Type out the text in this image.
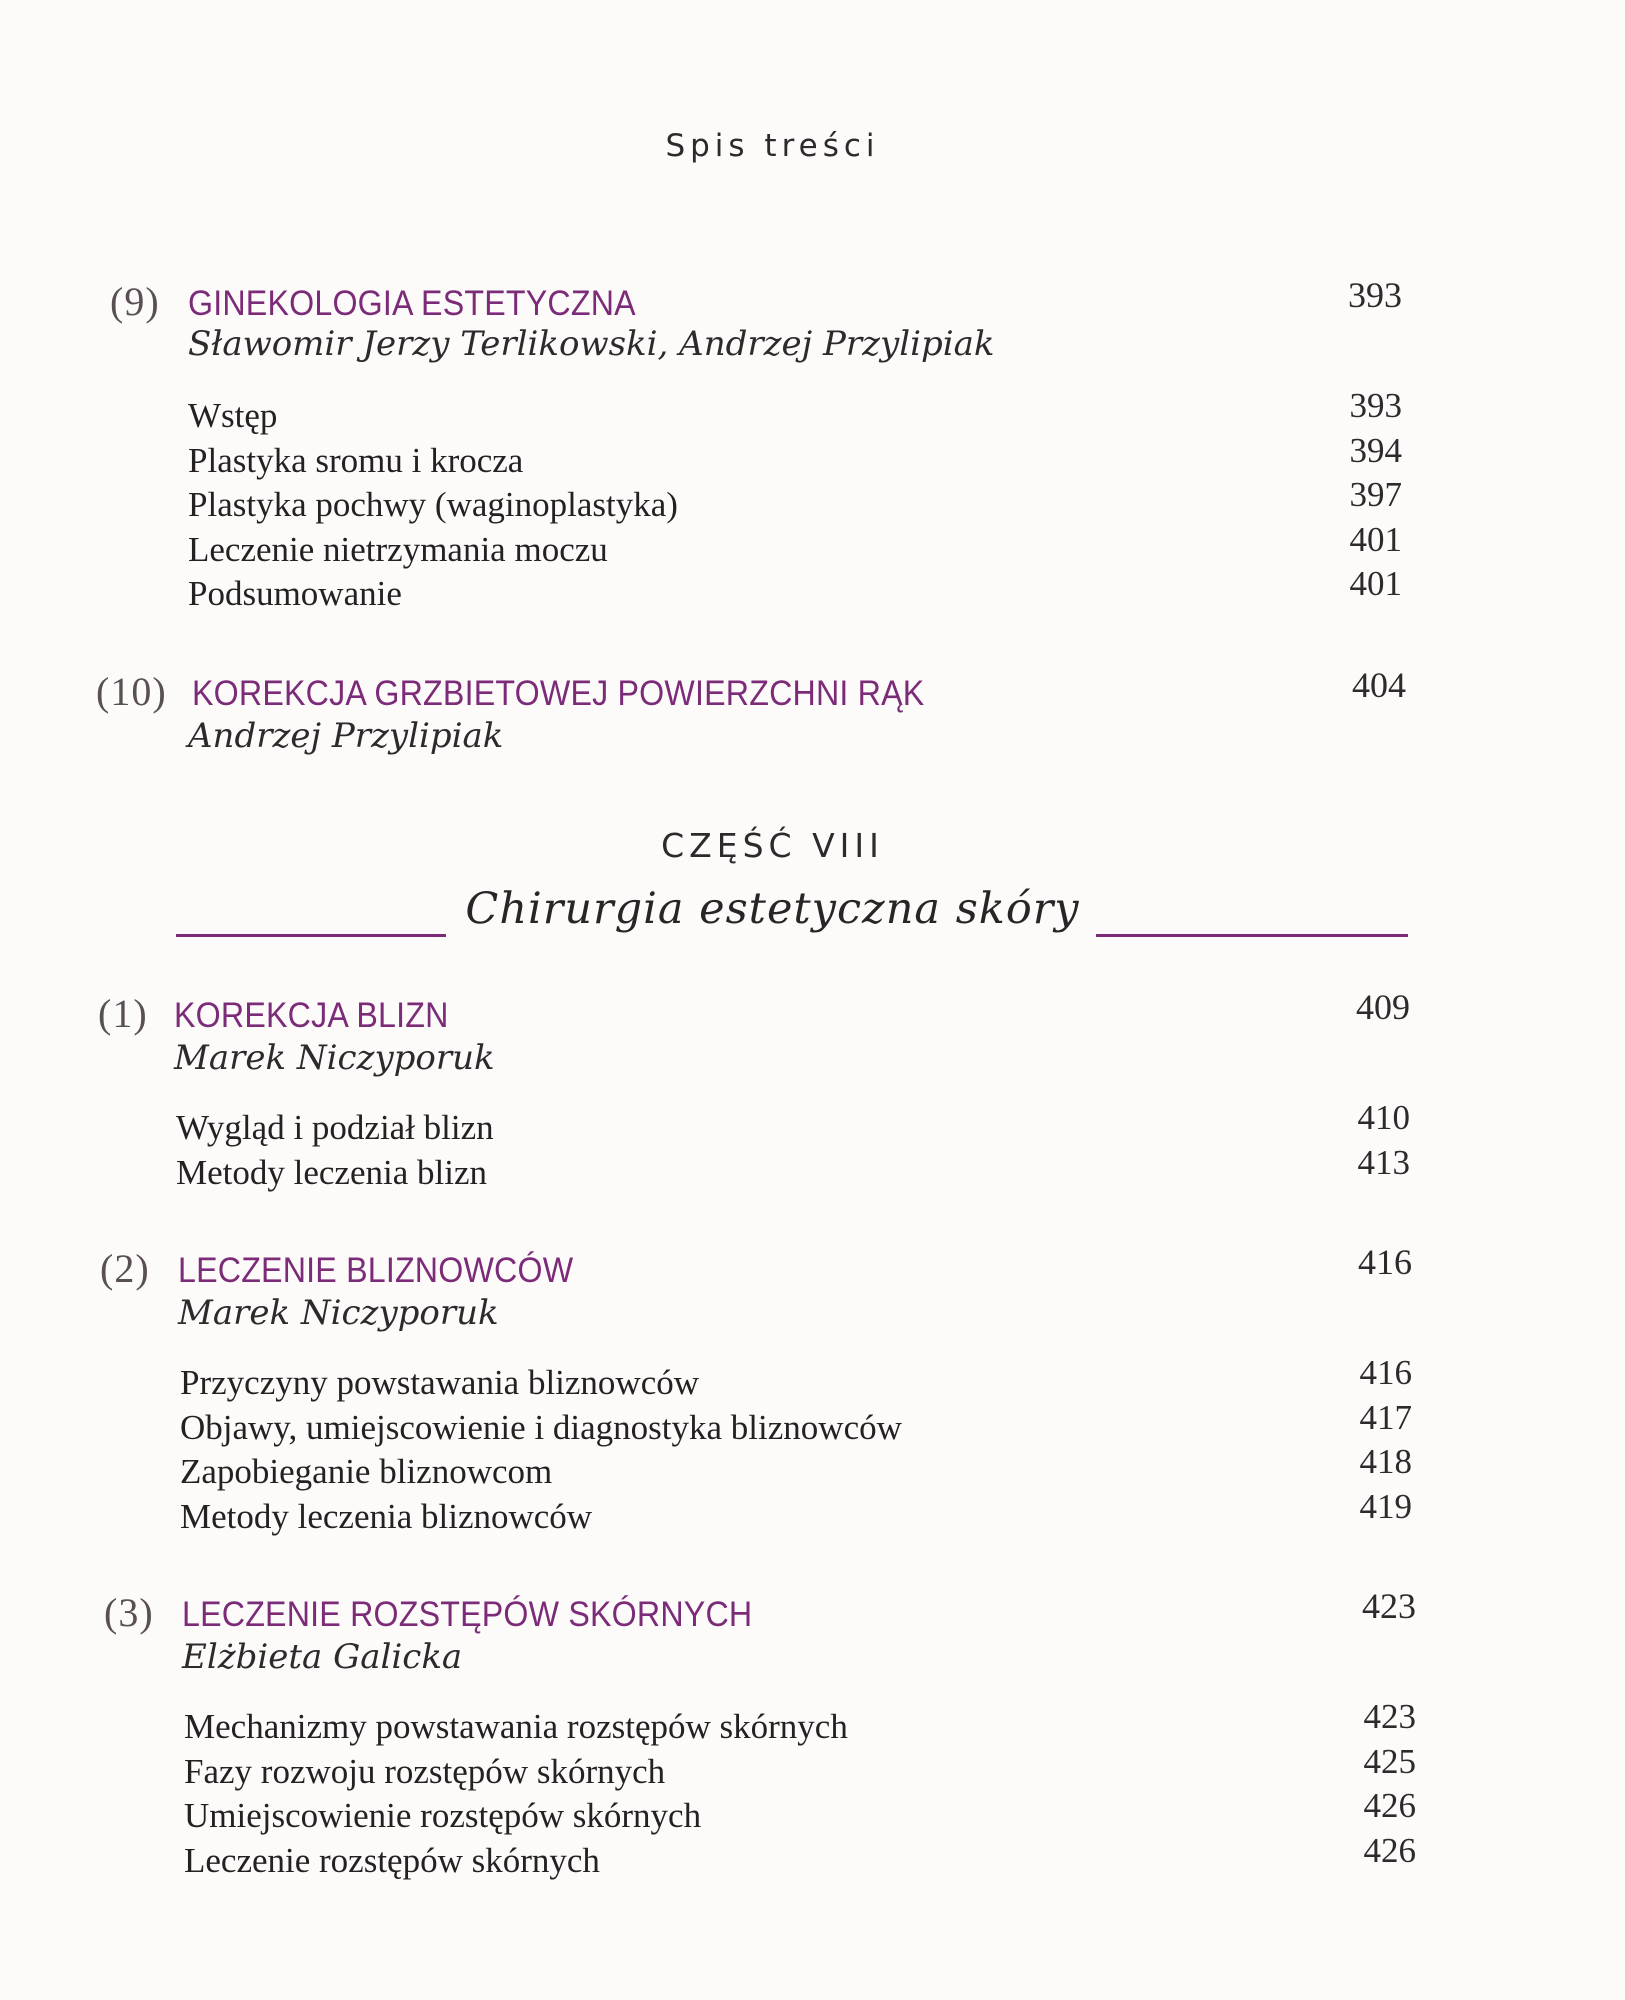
Spis treści
(9) GINEKOLOGIA ESTETYCZNA	393
Sławomir Jerzy Terlikowski, Andrzej Przylipiak
Wstęp	393
Plastyka sromu i krocza	394
Plastyka pochwy (waginoplastyka)	397
Leczenie nietrzymania moczu	401
Podsumowanie	401
(10) KOREKCJA GRZBIETOWEJ POWIERZCHNI RĄK	404
Andrzej Przylipiak
CZĘŚĆ VIII
Chirurgia estetyczna skóry
(1) KOREKCJA BLIZN	409
Marek Niczyporuk
Wygląd i podział blizn	410
Metody leczenia blizn	413
(2) LECZENIE BLIZNOWCÓW	416
Marek Niczyporuk
Przyczyny powstawania bliznowców	416
Objawy, umiejscowienie i diagnostyka bliznowców	417
Zapobieganie bliznowcom	418
Metody leczenia bliznowców	419
(3) LECZENIE ROZSTĘPÓW SKÓRNYCH	423
Elżbieta Galicka
Mechanizmy powstawania rozstępów skórnych	423
Fazy rozwoju rozstępów skórnych	425
Umiejscowienie rozstępów skórnych	426
Leczenie rozstępów skórnych	426
